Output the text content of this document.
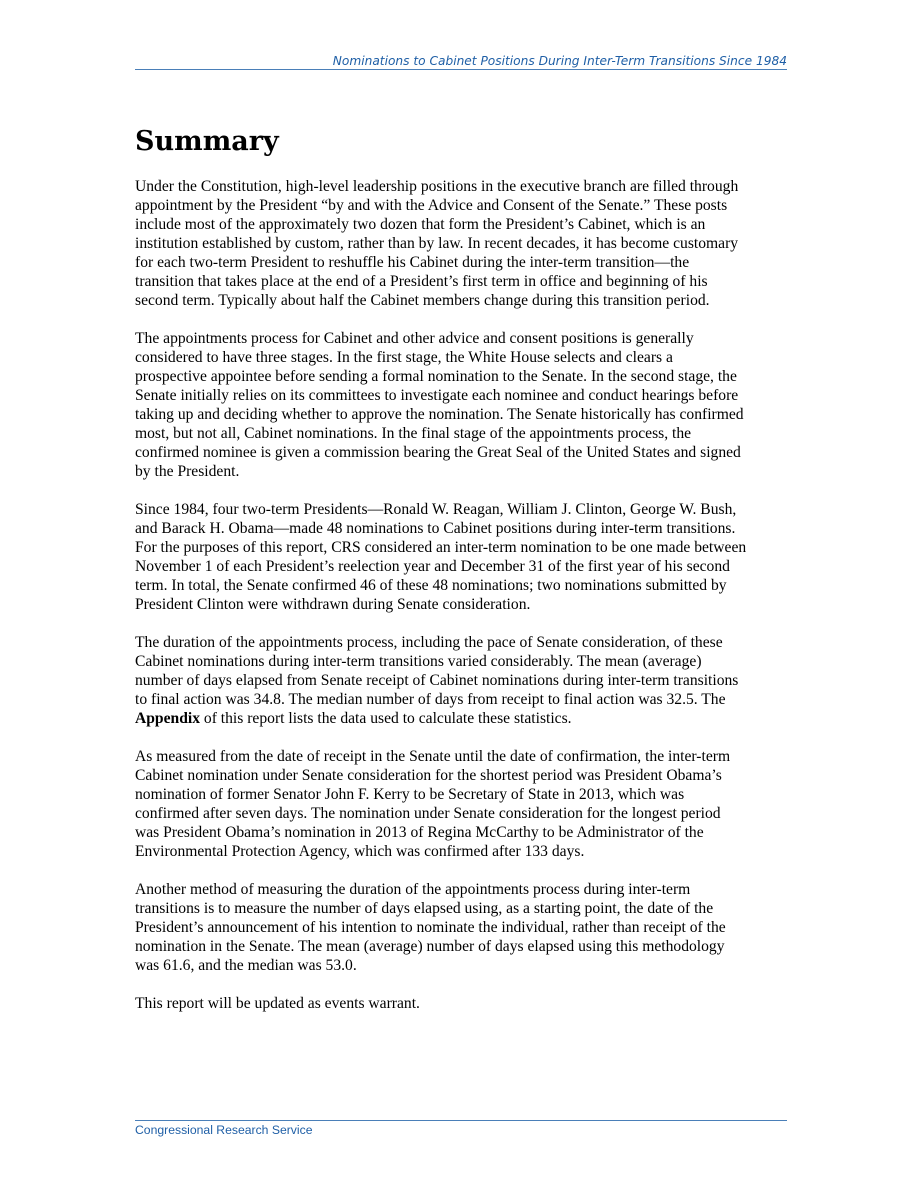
Nominations to Cabinet Positions During Inter-Term Transitions Since 1984
Summary

Under the Constitution, high-level leadership positions in the executive branch are filled through
appointment by the President “by and with the Advice and Consent of the Senate.” These posts
include most of the approximately two dozen that form the President’s Cabinet, which is an
institution established by custom, rather than by law. In recent decades, it has become customary
for each two-term President to reshuffle his Cabinet during the inter-term transition—the
transition that takes place at the end of a President’s first term in office and beginning of his
second term. Typically about half the Cabinet members change during this transition period.

The appointments process for Cabinet and other advice and consent positions is generally
considered to have three stages. In the first stage, the White House selects and clears a
prospective appointee before sending a formal nomination to the Senate. In the second stage, the
Senate initially relies on its committees to investigate each nominee and conduct hearings before
taking up and deciding whether to approve the nomination. The Senate historically has confirmed
most, but not all, Cabinet nominations. In the final stage of the appointments process, the
confirmed nominee is given a commission bearing the Great Seal of the United States and signed
by the President.

Since 1984, four two-term Presidents—Ronald W. Reagan, William J. Clinton, George W. Bush,
and Barack H. Obama—made 48 nominations to Cabinet positions during inter-term transitions.
For the purposes of this report, CRS considered an inter-term nomination to be one made between
November 1 of each President’s reelection year and December 31 of the first year of his second
term. In total, the Senate confirmed 46 of these 48 nominations; two nominations submitted by
President Clinton were withdrawn during Senate consideration.

The duration of the appointments process, including the pace of Senate consideration, of these
Cabinet nominations during inter-term transitions varied considerably. The mean (average)
number of days elapsed from Senate receipt of Cabinet nominations during inter-term transitions
to final action was 34.8. The median number of days from receipt to final action was 32.5. The
Appendix of this report lists the data used to calculate these statistics.

As measured from the date of receipt in the Senate until the date of confirmation, the inter-term
Cabinet nomination under Senate consideration for the shortest period was President Obama’s
nomination of former Senator John F. Kerry to be Secretary of State in 2013, which was
confirmed after seven days. The nomination under Senate consideration for the longest period
was President Obama’s nomination in 2013 of Regina McCarthy to be Administrator of the
Environmental Protection Agency, which was confirmed after 133 days.

Another method of measuring the duration of the appointments process during inter-term
transitions is to measure the number of days elapsed using, as a starting point, the date of the
President’s announcement of his intention to nominate the individual, rather than receipt of the
nomination in the Senate. The mean (average) number of days elapsed using this methodology
was 61.6, and the median was 53.0.

This report will be updated as events warrant.

Congressional Research Service
